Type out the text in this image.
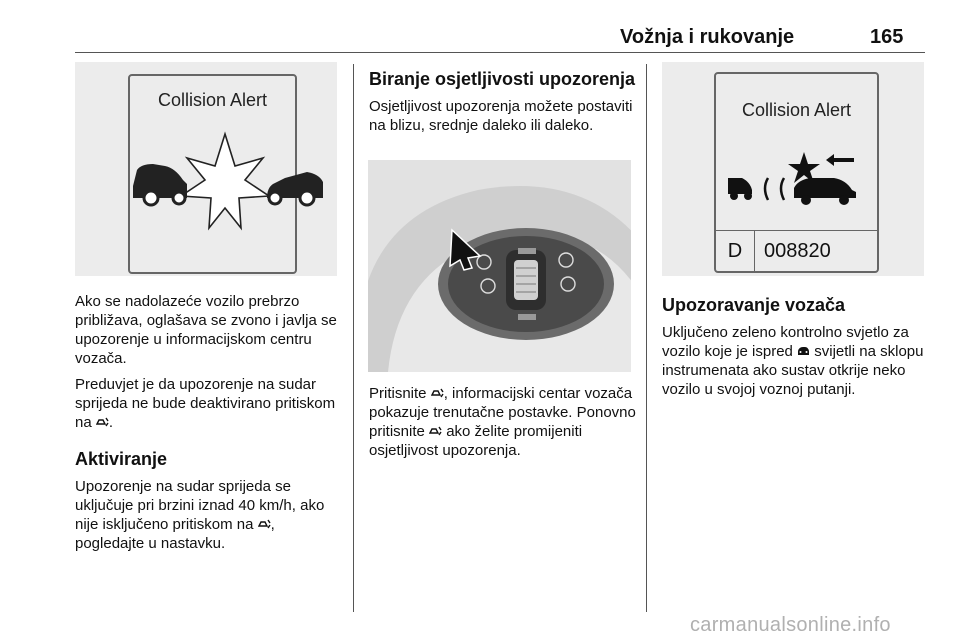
Vožnja i rukovanje	165
Collision Alert

Ako se nadolazeće vozilo prebrzo približava, oglašava se zvono i javlja se upozorenje u informacijskom centru vozača.

Preduvjet je da upozorenje na sudar sprijeda ne bude deaktivirano pritiskom na .

Aktiviranje

Upozorenje na sudar sprijeda se uključuje pri brzini iznad 40 km/h, ako nije isključeno pritiskom na , pogledajte u nastavku.

Biranje osjetljivosti upozorenja

Osjetljivost upozorenja možete postaviti na blizu, srednje daleko ili daleko.

Pritisnite , informacijski centar vozača pokazuje trenutačne postavke. Ponovno pritisnite ako želite promijeniti osjetljivost upozorenja.

Collision Alert
D	008820
Upozoravanje vozača

Uključeno zeleno kontrolno svjetlo za vozilo koje je ispred svijetli na sklopu instrumenata ako sustav otkrije neko vozilo u svojoj voznoj putanji.

carmanualsonline.info
